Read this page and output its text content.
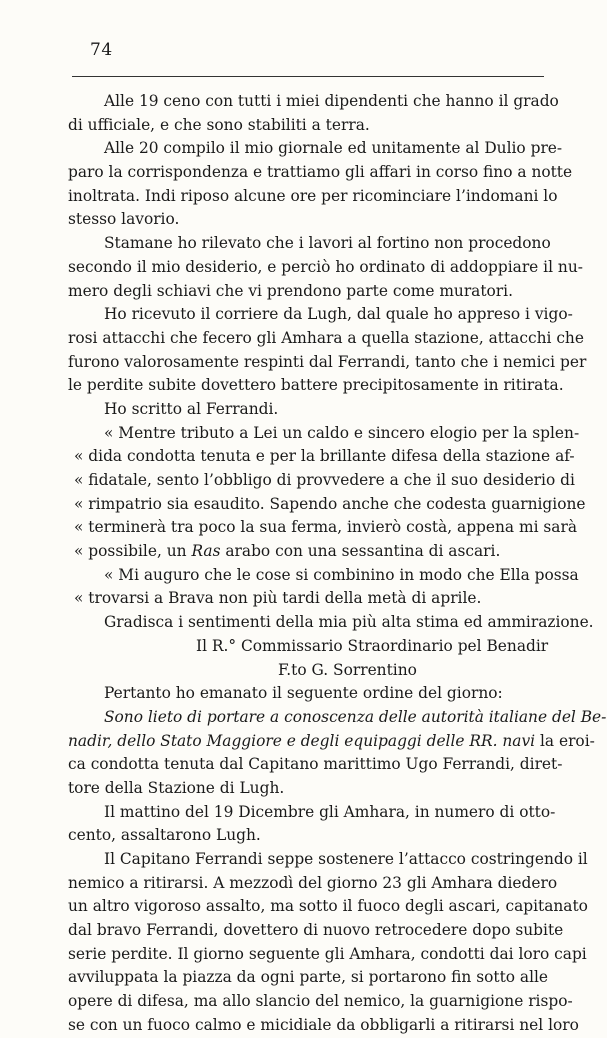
74
Alle 19 ceno con tutti i miei dipendenti che hanno il grado
di ufficiale, e che sono stabiliti a terra.
Alle 20 compilo il mio giornale ed unitamente al Dulio pre-
paro la corrispondenza e trattiamo gli affari in corso fino a notte
inoltrata. Indi riposo alcune ore per ricominciare l’indomani lo
stesso lavorio.
Stamane ho rilevato che i lavori al fortino non procedono
secondo il mio desiderio, e perciò ho ordinato di addoppiare il nu-
mero degli schiavi che vi prendono parte come muratori.
Ho ricevuto il corriere da Lugh, dal quale ho appreso i vigo-
rosi attacchi che fecero gli Amhara a quella stazione, attacchi che
furono valorosamente respinti dal Ferrandi, tanto che i nemici per
le perdite subite dovettero battere precipitosamente in ritirata.
Ho scritto al Ferrandi.
« Mentre tributo a Lei un caldo e sincero elogio per la splen-
« dida condotta tenuta e per la brillante difesa della stazione af-
« fidatale, sento l’obbligo di provvedere a che il suo desiderio di
« rimpatrio sia esaudito. Sapendo anche che codesta guarnigione
« terminerà tra poco la sua ferma, invierò costà, appena mi sarà
« possibile, un Ras arabo con una sessantina di ascari.
« Mi auguro che le cose si combinino in modo che Ella possa
« trovarsi a Brava non più tardi della metà di aprile.
Gradisca i sentimenti della mia più alta stima ed ammirazione.
Il R.° Commissario Straordinario pel Benadir
F.to G. Sorrentino
Pertanto ho emanato il seguente ordine del giorno:
Sono lieto di portare a conoscenza delle autorità italiane del Be-
nadir, dello Stato Maggiore e degli equipaggi delle RR. navi la eroi-
ca condotta tenuta dal Capitano marittimo Ugo Ferrandi, diret-
tore della Stazione di Lugh.
Il mattino del 19 Dicembre gli Amhara, in numero di otto-
cento, assaltarono Lugh.
Il Capitano Ferrandi seppe sostenere l’attacco costringendo il
nemico a ritirarsi. A mezzodì del giorno 23 gli Amhara diedero
un altro vigoroso assalto, ma sotto il fuoco degli ascari, capitanato
dal bravo Ferrandi, dovettero di nuovo retrocedere dopo subite
serie perdite. Il giorno seguente gli Amhara, condotti dai loro capi
avviluppata la piazza da ogni parte, si portarono fin sotto alle
opere di difesa, ma allo slancio del nemico, la guarnigione rispo-
se con un fuoco calmo e micidiale da obbligarli a ritirarsi nel loro
